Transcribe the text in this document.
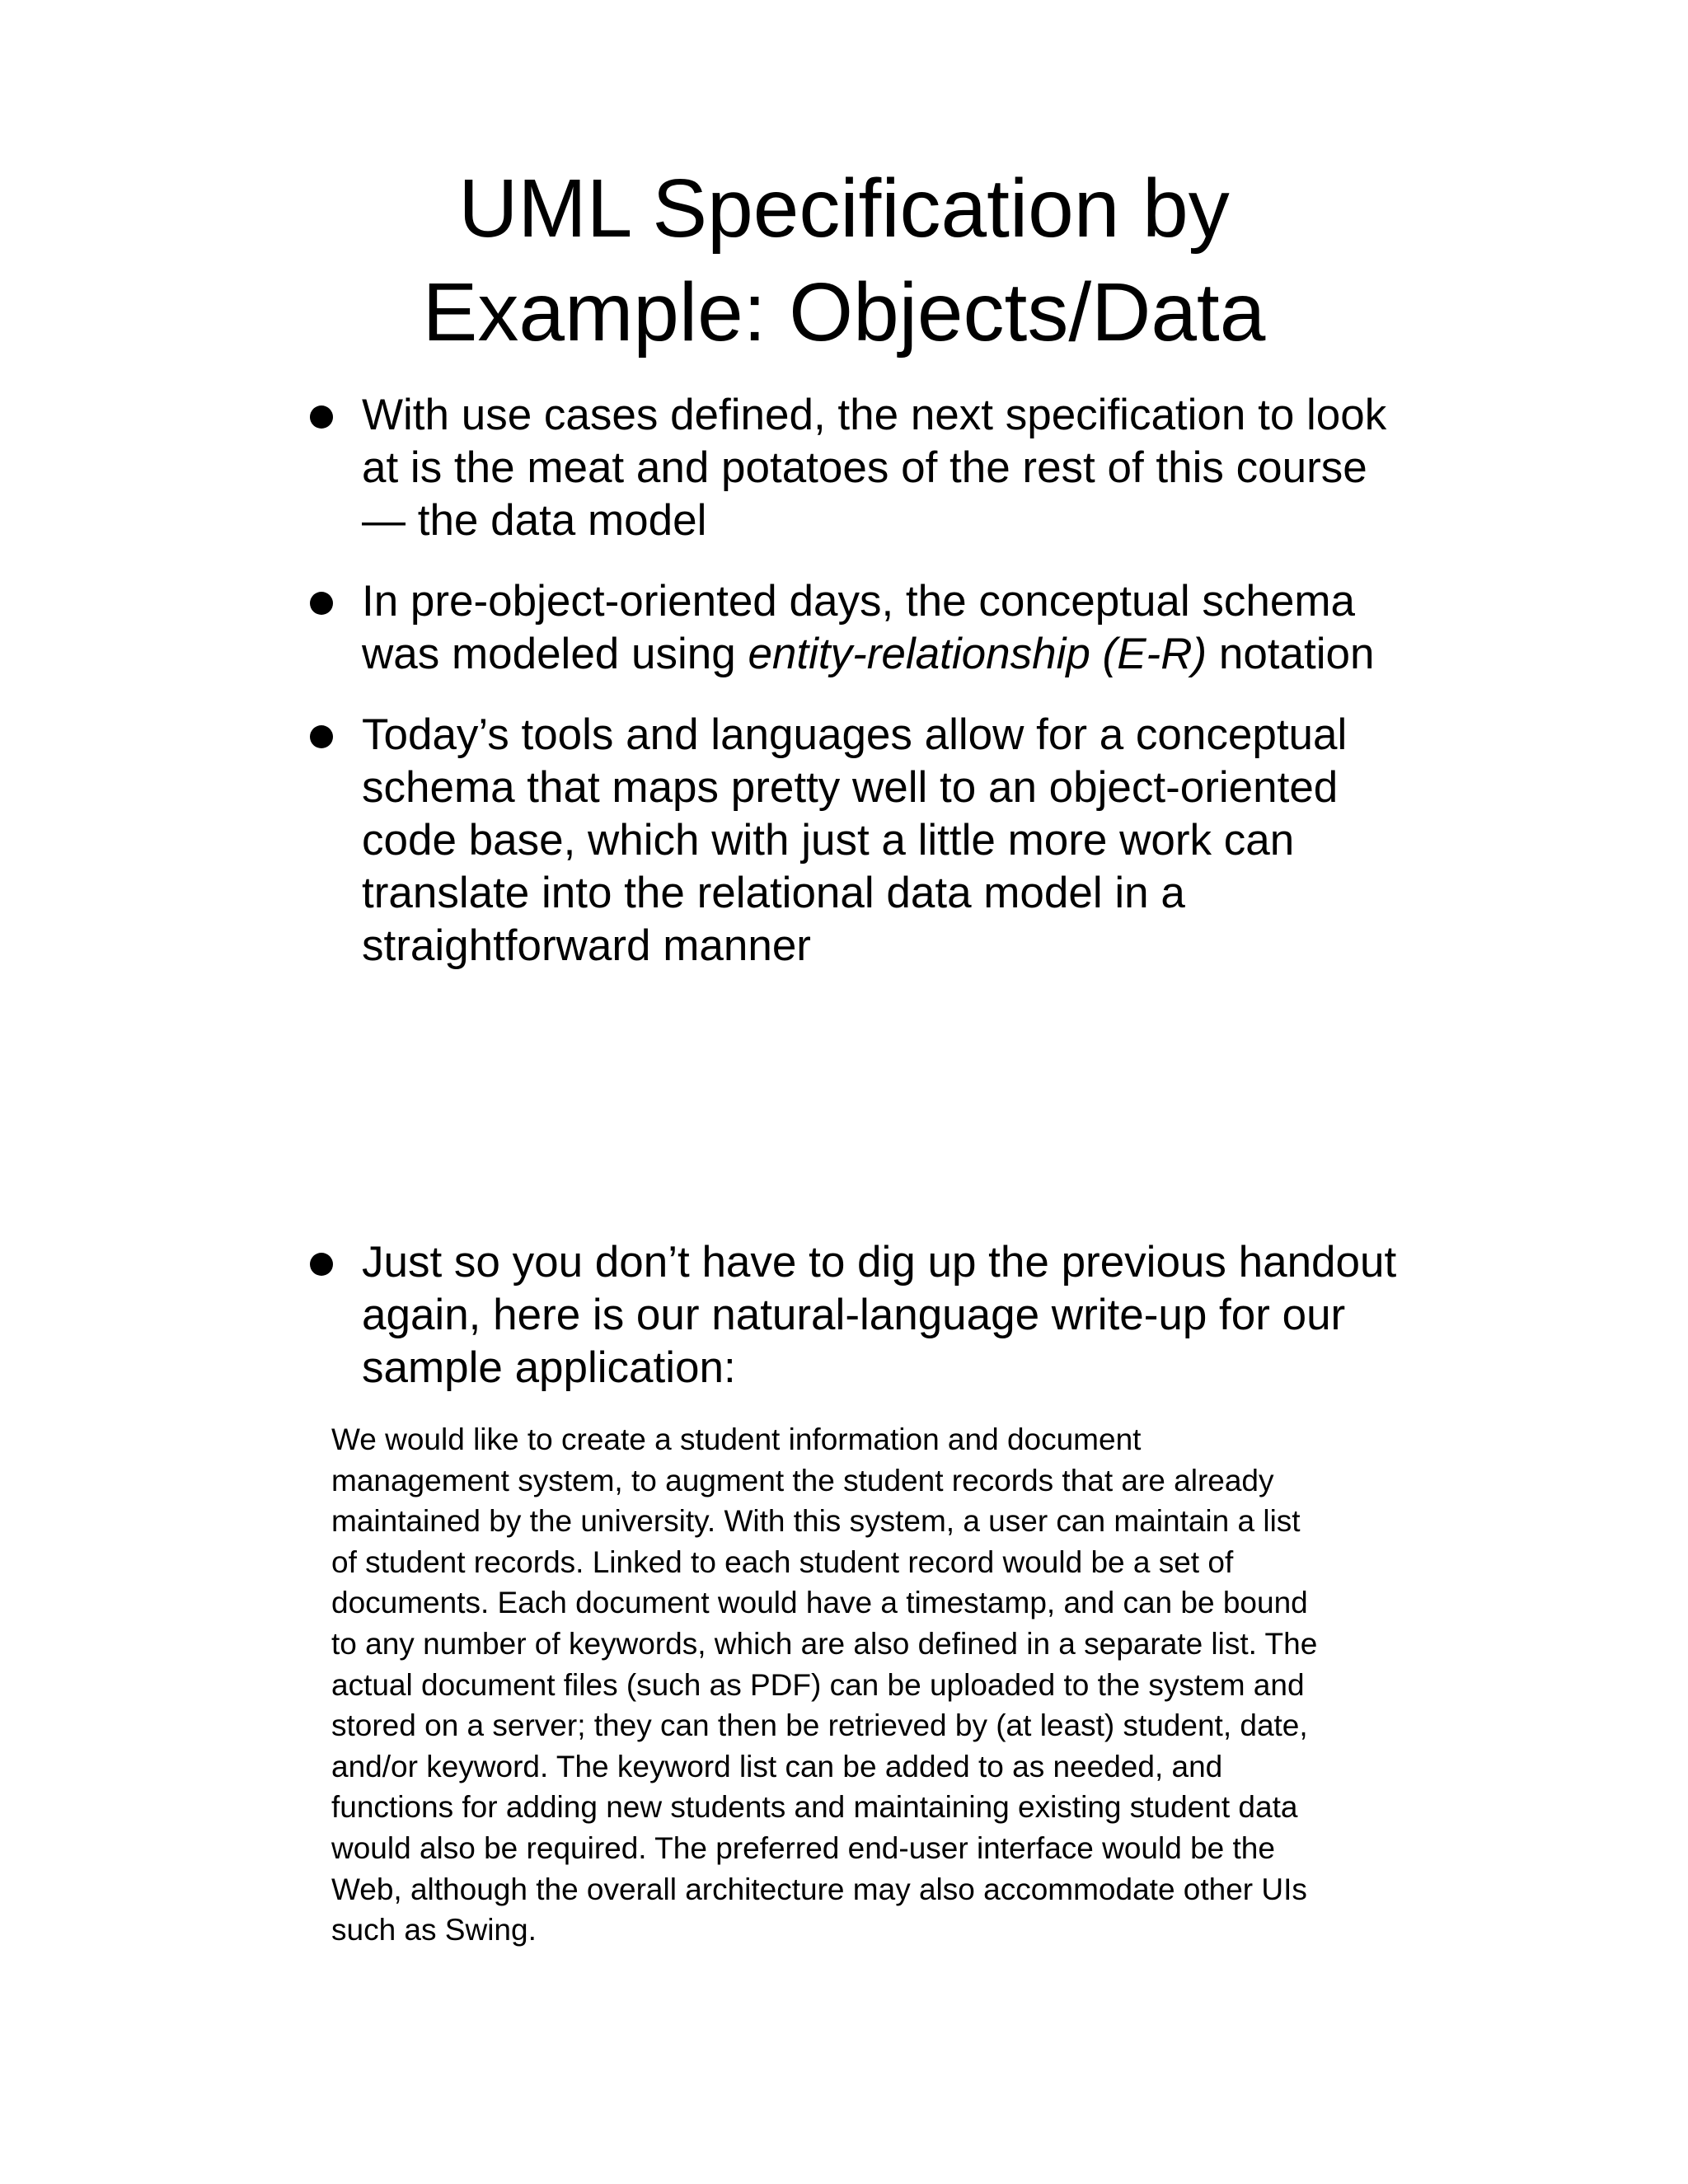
UML Specification by
Example: Objects/Data
With use cases defined, the next specification to look
at is the meat and potatoes of the rest of this course
— the data model
In pre-object-oriented days, the conceptual schema
was modeled using entity-relationship (E-R) notation
Today’s tools and languages allow for a conceptual
schema that maps pretty well to an object-oriented
code base, which with just a little more work can
translate into the relational data model in a
straightforward manner
Just so you don’t have to dig up the previous handout
again, here is our natural-language write-up for our
sample application:
We would like to create a student information and document
management system, to augment the student records that are already
maintained by the university. With this system, a user can maintain a list
of student records. Linked to each student record would be a set of
documents. Each document would have a timestamp, and can be bound
to any number of keywords, which are also defined in a separate list. The
actual document files (such as PDF) can be uploaded to the system and
stored on a server; they can then be retrieved by (at least) student, date,
and/or keyword. The keyword list can be added to as needed, and
functions for adding new students and maintaining existing student data
would also be required. The preferred end-user interface would be the
Web, although the overall architecture may also accommodate other UIs
such as Swing.
